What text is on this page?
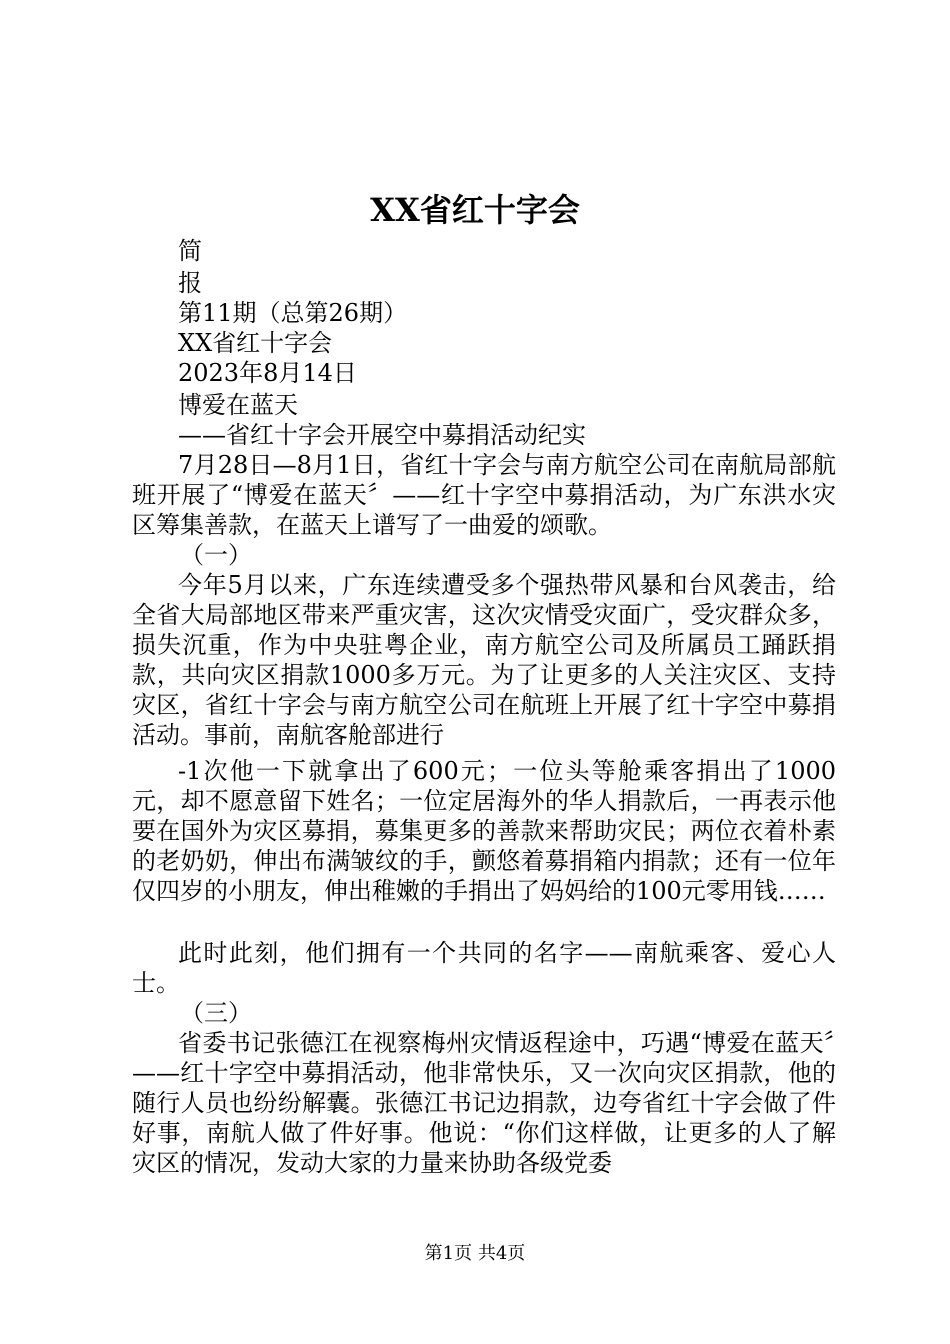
XX省红十字会

简

报

第11期（总第26期）

XX省红十字会

2023年8月14日

博爱在蓝天

——省红十字会开展空中募捐活动纪实

7月28日—8月1日，省红十字会与南方航空公司在南航局部航班开展了“博爱在蓝天〞——红十字空中募捐活动，为广东洪水灾区筹集善款，在蓝天上谱写了一曲爱的颂歌。

（一）

今年5月以来，广东连续遭受多个强热带风暴和台风袭击，给全省大局部地区带来严重灾害，这次灾情受灾面广，受灾群众多，损失沉重，作为中央驻粤企业，南方航空公司及所属员工踊跃捐款，共向灾区捐款1000多万元。为了让更多的人关注灾区、支持灾区，省红十字会与南方航空公司在航班上开展了红十字空中募捐活动。事前，南航客舱部进行

-1次他一下就拿出了600元；一位头等舱乘客捐出了1000元，却不愿意留下姓名；一位定居海外的华人捐款后，一再表示他要在国外为灾区募捐，募集更多的善款来帮助灾民；两位衣着朴素的老奶奶，伸出布满皱纹的手，颤悠着募捐箱内捐款；还有一位年仅四岁的小朋友，伸出稚嫩的手捐出了妈妈给的100元零用钱……

此时此刻，他们拥有一个共同的名字——南航乘客、爱心人士。

（三）

省委书记张德江在视察梅州灾情返程途中，巧遇“博爱在蓝天〞——红十字空中募捐活动，他非常快乐，又一次向灾区捐款，他的随行人员也纷纷解囊。张德江书记边捐款，边夸省红十字会做了件好事，南航人做了件好事。他说：“你们这样做，让更多的人了解灾区的情况，发动大家的力量来协助各级党委

第1页 共4页
